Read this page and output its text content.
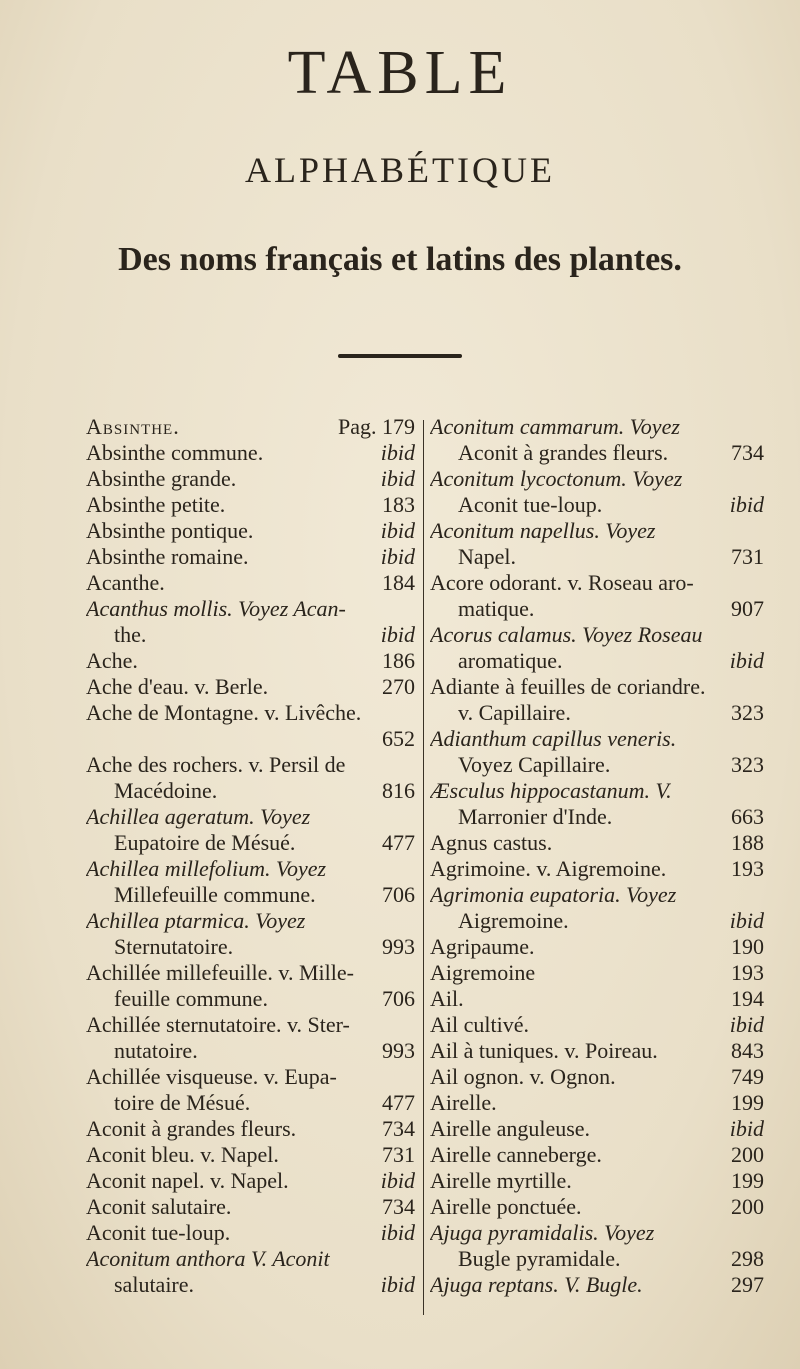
TABLE
ALPHABÉTIQUE
Des noms français et latins des plantes.
Absinthe.	Pag. 179
Absinthe commune.	ibid
Absinthe grande.	ibid
Absinthe petite.	183
Absinthe pontique.	ibid
Absinthe romaine.	ibid
Acanthe.	184
Acanthus mollis. Voyez Acan-
the.	ibid
Ache.	186
Ache d'eau. v. Berle.	270
Ache de Montagne. v. Livêche.
652
Ache des rochers. v. Persil de
Macédoine.	816
Achillea ageratum. Voyez
Eupatoire de Mésué.	477
Achillea millefolium. Voyez
Millefeuille commune.	706
Achillea ptarmica. Voyez
Sternutatoire.	993
Achillée millefeuille. v. Mille-
feuille commune.	706
Achillée sternutatoire. v. Ster-
nutatoire.	993
Achillée visqueuse. v. Eupa-
toire de Mésué.	477
Aconit à grandes fleurs.	734
Aconit bleu. v. Napel.	731
Aconit napel. v. Napel.	ibid
Aconit salutaire.	734
Aconit tue-loup.	ibid
Aconitum anthora V. Aconit
salutaire.	ibid
Aconitum cammarum. Voyez
Aconit à grandes fleurs.	734
Aconitum lycoctonum. Voyez
Aconit tue-loup.	ibid
Aconitum napellus. Voyez
Napel.	731
Acore odorant. v. Roseau aro-
matique.	907
Acorus calamus. Voyez Roseau
aromatique.	ibid
Adiante à feuilles de coriandre.
v. Capillaire.	323
Adianthum capillus veneris.
Voyez Capillaire.	323
Æsculus hippocastanum. V.
Marronier d'Inde.	663
Agnus castus.	188
Agrimoine. v. Aigremoine.	193
Agrimonia eupatoria. Voyez
Aigremoine.	ibid
Agripaume.	190
Aigremoine	193
Ail.	194
Ail cultivé.	ibid
Ail à tuniques. v. Poireau.	843
Ail ognon. v. Ognon.	749
Airelle.	199
Airelle anguleuse.	ibid
Airelle canneberge.	200
Airelle myrtille.	199
Airelle ponctuée.	200
Ajuga pyramidalis. Voyez
Bugle pyramidale.	298
Ajuga reptans. V. Bugle.	297
